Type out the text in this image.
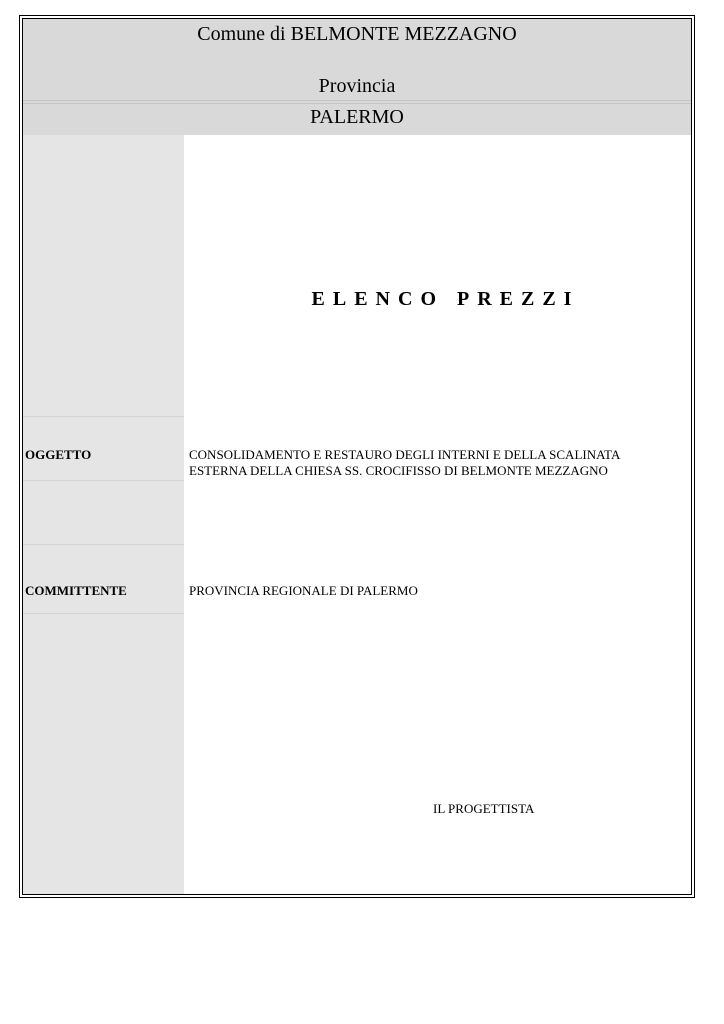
Comune di BELMONTE MEZZAGNO
Provincia
PALERMO
ELENCO PREZZI
OGGETTO	CONSOLIDAMENTO E RESTAURO DEGLI INTERNI E DELLA SCALINATA
ESTERNA DELLA CHIESA SS. CROCIFISSO DI BELMONTE MEZZAGNO
COMMITTENTE	PROVINCIA REGIONALE DI PALERMO
IL PROGETTISTA
